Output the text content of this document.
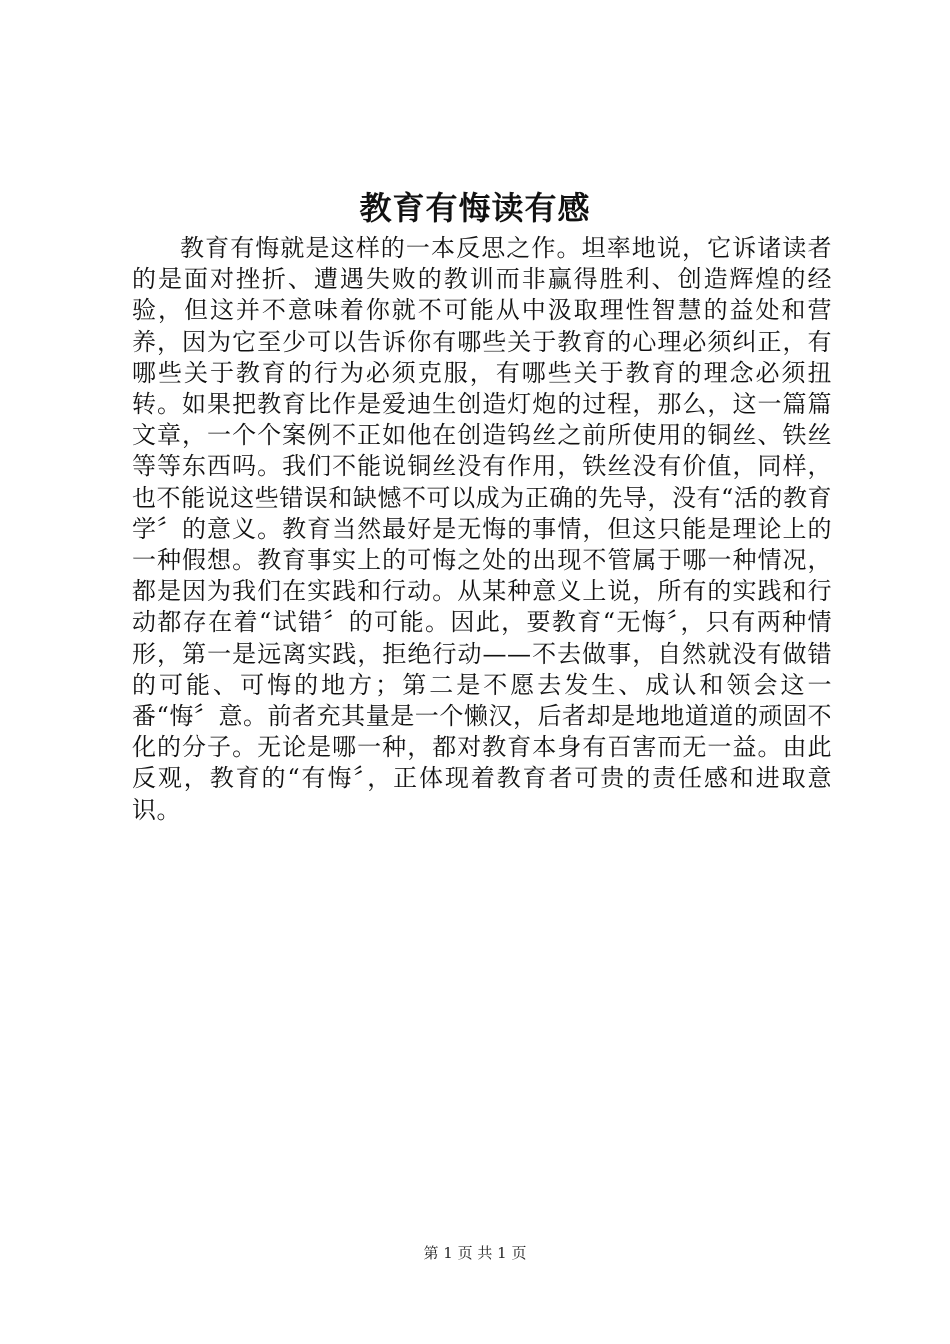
教育有悔读有感

教育有悔就是这样的一本反思之作。坦率地说，它诉诸读者的是面对挫折、遭遇失败的教训而非赢得胜利、创造辉煌的经验，但这并不意味着你就不可能从中汲取理性智慧的益处和营养，因为它至少可以告诉你有哪些关于教育的心理必须纠正，有哪些关于教育的行为必须克服，有哪些关于教育的理念必须扭转。如果把教育比作是爱迪生创造灯炮的过程，那么，这一篇篇文章，一个个案例不正如他在创造钨丝之前所使用的铜丝、铁丝等等东西吗。我们不能说铜丝没有作用，铁丝没有价值，同样，也不能说这些错误和缺憾不可以成为正确的先导，没有“活的教育学〞的意义。教育当然最好是无悔的事情，但这只能是理论上的一种假想。教育事实上的可悔之处的出现不管属于哪一种情况，都是因为我们在实践和行动。从某种意义上说，所有的实践和行动都存在着“试错〞的可能。因此，要教育“无悔〞，只有两种情形，第一是远离实践，拒绝行动——不去做事，自然就没有做错的可能、可悔的地方；第二是不愿去发生、成认和领会这一番“悔〞意。前者充其量是一个懒汉，后者却是地地道道的顽固不化的分子。无论是哪一种，都对教育本身有百害而无一益。由此反观，教育的“有悔〞，正体现着教育者可贵的责任感和进取意识。

第 1 页 共 1 页
